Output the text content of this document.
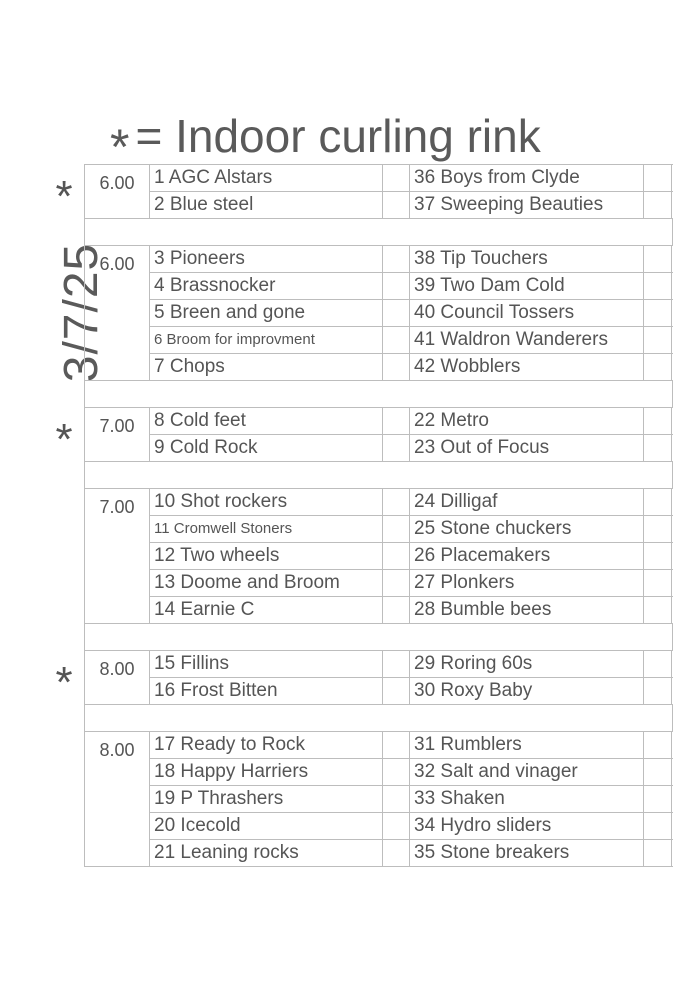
* = Indoor curling rink
3/7/25
*
*
*
6.00	1 AGC Alstars	36 Boys from Clyde
2 Blue steel	37 Sweeping Beauties
6.00	3 Pioneers	38 Tip Touchers
4 Brassnocker	39 Two Dam Cold
5 Breen and gone	40 Council Tossers
6 Broom for improvment	41 Waldron Wanderers
7 Chops	42 Wobblers
7.00	8 Cold feet	22 Metro
9 Cold Rock	23 Out of Focus
7.00	10 Shot rockers	24 Dilligaf
11 Cromwell Stoners	25 Stone chuckers
12 Two wheels	26 Placemakers
13 Doome and Broom	27 Plonkers
14 Earnie C	28 Bumble bees
8.00	15 Fillins	29 Roring 60s
16 Frost Bitten	30 Roxy Baby
8.00	17 Ready to Rock	31 Rumblers
18 Happy Harriers	32 Salt and vinager
19 P Thrashers	33 Shaken
20 Icecold	34 Hydro sliders
21 Leaning rocks	35 Stone breakers
